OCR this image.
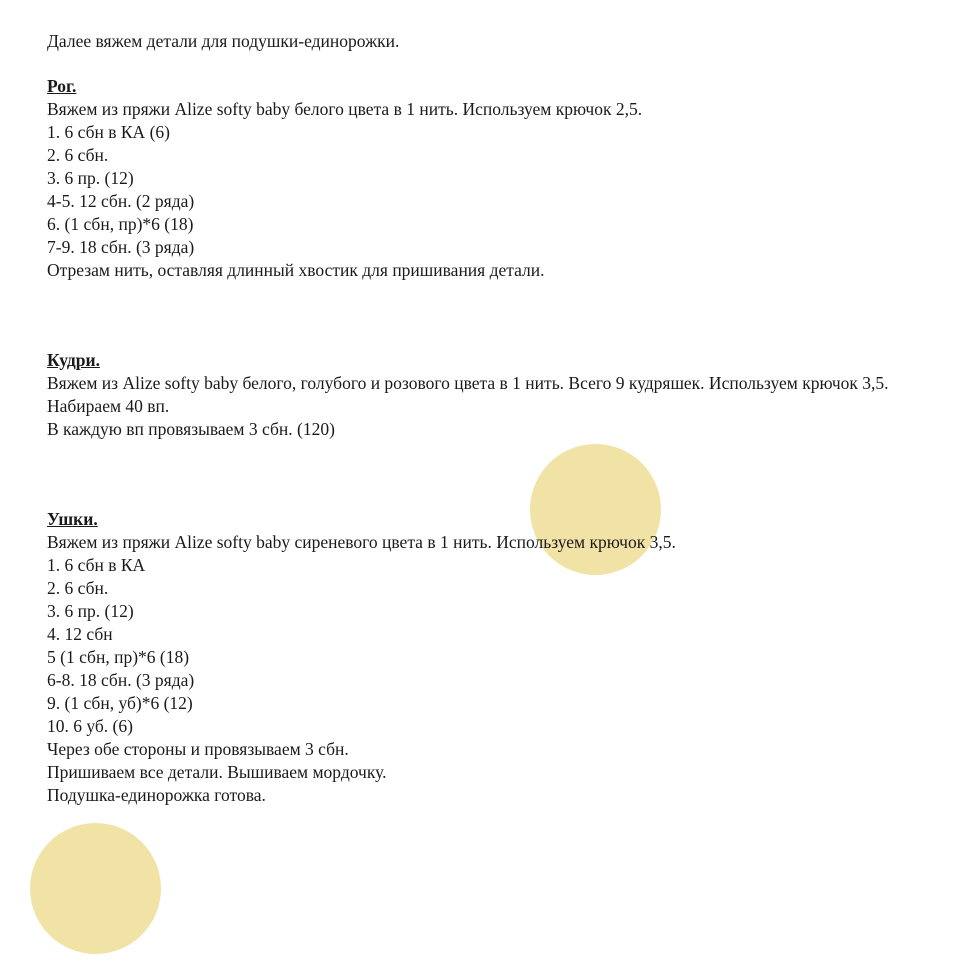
Далее вяжем детали для подушки-единорожки.

Рог.

Вяжем из пряжи Alize softy baby белого цвета в 1 нить. Используем крючок 2,5.

1. 6 сбн в КА (6)

2. 6 сбн.

3. 6 пр. (12)

4-5. 12 сбн. (2 ряда)

6. (1 сбн, пр)*6 (18)

7-9. 18 сбн. (3 ряда)

Отрезам нить, оставляя длинный хвостик для пришивания детали.

Кудри.

Вяжем из Alize softy baby белого, голубого и розового цвета в 1 нить. Всего 9 кудряшек. Используем крючок 3,5.

Набираем 40 вп.

В каждую вп провязываем 3 сбн. (120)

Ушки.

Вяжем из пряжи Alize softy baby сиреневого цвета в 1 нить. Используем крючок 3,5.

1. 6 сбн в КА

2. 6 сбн.

3. 6 пр. (12)

4. 12 сбн

5 (1 сбн, пр)*6 (18)

6-8. 18 сбн. (3 ряда)

9. (1 сбн, уб)*6 (12)

10. 6 уб. (6)

Через обе стороны и провязываем 3 сбн.

Пришиваем все детали. Вышиваем мордочку.

Подушка-единорожка готова.
